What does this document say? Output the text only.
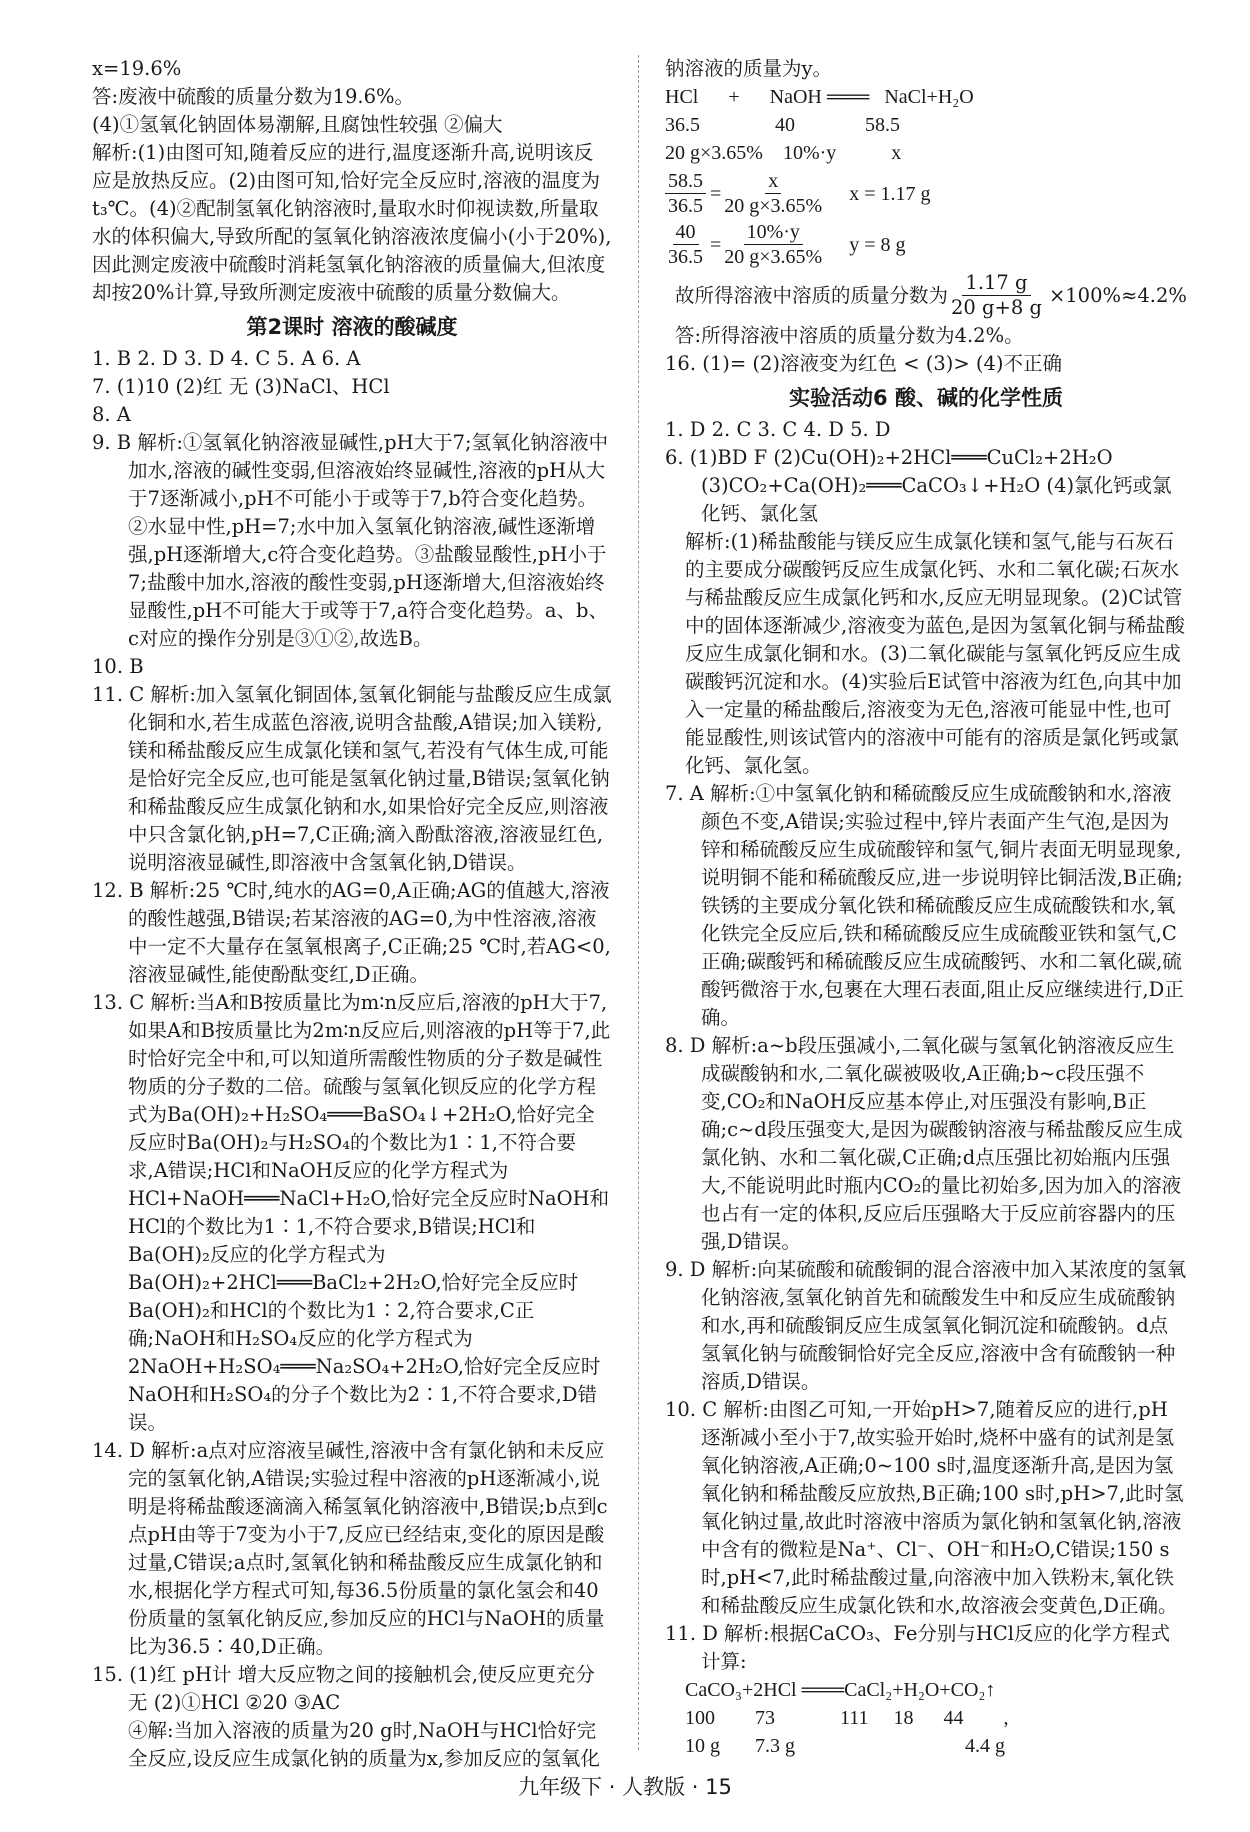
x=19.6%

答:废液中硫酸的质量分数为19.6%。

(4)①氢氧化钠固体易潮解,且腐蚀性较强 ②偏大

解析:(1)由图可知,随着反应的进行,温度逐渐升高,说明该反应是放热反应。(2)由图可知,恰好完全反应时,溶液的温度为t₃℃。(4)②配制氢氧化钠溶液时,量取水时仰视读数,所量取水的体积偏大,导致所配的氢氧化钠溶液浓度偏小(小于20%),因此测定废液中硫酸时消耗氢氧化钠溶液的质量偏大,但浓度却按20%计算,导致所测定废液中硫酸的质量分数偏大。

第2课时 溶液的酸碱度

1. B 2. D 3. D 4. C 5. A 6. A

7. (1)10 (2)红 无 (3)NaCl、HCl

8. A

9. B 解析:①氢氧化钠溶液显碱性,pH大于7;氢氧化钠溶液中加水,溶液的碱性变弱,但溶液始终显碱性,溶液的pH从大于7逐渐减小,pH不可能小于或等于7,b符合变化趋势。②水显中性,pH=7;水中加入氢氧化钠溶液,碱性逐渐增强,pH逐渐增大,c符合变化趋势。③盐酸显酸性,pH小于7;盐酸中加水,溶液的酸性变弱,pH逐渐增大,但溶液始终显酸性,pH不可能大于或等于7,a符合变化趋势。a、b、c对应的操作分别是③①②,故选B。

10. B

11. C 解析:加入氢氧化铜固体,氢氧化铜能与盐酸反应生成氯化铜和水,若生成蓝色溶液,说明含盐酸,A错误;加入镁粉,镁和稀盐酸反应生成氯化镁和氢气,若没有气体生成,可能是恰好完全反应,也可能是氢氧化钠过量,B错误;氢氧化钠和稀盐酸反应生成氯化钠和水,如果恰好完全反应,则溶液中只含氯化钠,pH=7,C正确;滴入酚酞溶液,溶液显红色,说明溶液显碱性,即溶液中含氢氧化钠,D错误。

12. B 解析:25 ℃时,纯水的AG=0,A正确;AG的值越大,溶液的酸性越强,B错误;若某溶液的AG=0,为中性溶液,溶液中一定不大量存在氢氧根离子,C正确;25 ℃时,若AG<0,溶液显碱性,能使酚酞变红,D正确。

13. C 解析:当A和B按质量比为m∶n反应后,溶液的pH大于7,如果A和B按质量比为2m∶n反应后,则溶液的pH等于7,此时恰好完全中和,可以知道所需酸性物质的分子数是碱性物质的分子数的二倍。硫酸与氢氧化钡反应的化学方程式为Ba(OH)₂+H₂SO₄═══BaSO₄↓+2H₂O,恰好完全反应时Ba(OH)₂与H₂SO₄的个数比为1∶1,不符合要求,A错误;HCl和NaOH反应的化学方程式为HCl+NaOH═══NaCl+H₂O,恰好完全反应时NaOH和HCl的个数比为1∶1,不符合要求,B错误;HCl和Ba(OH)₂反应的化学方程式为Ba(OH)₂+2HCl═══BaCl₂+2H₂O,恰好完全反应时Ba(OH)₂和HCl的个数比为1∶2,符合要求,C正确;NaOH和H₂SO₄反应的化学方程式为2NaOH+H₂SO₄═══Na₂SO₄+2H₂O,恰好完全反应时NaOH和H₂SO₄的分子个数比为2∶1,不符合要求,D错误。

14. D 解析:a点对应溶液呈碱性,溶液中含有氯化钠和未反应完的氢氧化钠,A错误;实验过程中溶液的pH逐渐减小,说明是将稀盐酸逐滴滴入稀氢氧化钠溶液中,B错误;b点到c点pH由等于7变为小于7,反应已经结束,变化的原因是酸过量,C错误;a点时,氢氧化钠和稀盐酸反应生成氯化钠和水,根据化学方程式可知,每36.5份质量的氯化氢会和40份质量的氢氧化钠反应,参加反应的HCl与NaOH的质量比为36.5∶40,D正确。

15. (1)红 pH计 增大反应物之间的接触机会,使反应更充分 无 (2)①HCl ②20 ③AC

④解:当加入溶液的质量为20 g时,NaOH与HCl恰好完全反应,设反应生成氯化钠的质量为x,参加反应的氢氧化

钠溶液的质量为y。

HCl      +      NaOH ═══   NaCl+H₂O

36.5               40              58.5

20 g×3.65%    10%·y           x

$\frac{58.5}{36.5} = \frac{x}{20 g\times 3.65\%}$ x = 1.17 g
$\frac{40}{36.5} = \frac{10\%\cdot y}{20 g\times 3.65\%}$ y = 8 g
故所得溶液中溶质的质量分数为 $\frac{1.17 g}{20 g+8 g} \times 100\%\approx 4.2\%$

答:所得溶液中溶质的质量分数为4.2%。

16. (1)= (2)溶液变为红色 < (3)> (4)不正确

实验活动6 酸、碱的化学性质

1. D 2. C 3. C 4. D 5. D

6. (1)BD F (2)Cu(OH)₂+2HCl═══CuCl₂+2H₂O (3)CO₂+Ca(OH)₂═══CaCO₃↓+H₂O (4)氯化钙或氯化钙、氯化氢

解析:(1)稀盐酸能与镁反应生成氯化镁和氢气,能与石灰石的主要成分碳酸钙反应生成氯化钙、水和二氧化碳;石灰水与稀盐酸反应生成氯化钙和水,反应无明显现象。(2)C试管中的固体逐渐减少,溶液变为蓝色,是因为氢氧化铜与稀盐酸反应生成氯化铜和水。(3)二氧化碳能与氢氧化钙反应生成碳酸钙沉淀和水。(4)实验后E试管中溶液为红色,向其中加入一定量的稀盐酸后,溶液变为无色,溶液可能显中性,也可能显酸性,则该试管内的溶液中可能有的溶质是氯化钙或氯化钙、氯化氢。

7. A 解析:①中氢氧化钠和稀硫酸反应生成硫酸钠和水,溶液颜色不变,A错误;实验过程中,锌片表面产生气泡,是因为锌和稀硫酸反应生成硫酸锌和氢气,铜片表面无明显现象,说明铜不能和稀硫酸反应,进一步说明锌比铜活泼,B正确;铁锈的主要成分氧化铁和稀硫酸反应生成硫酸铁和水,氧化铁完全反应后,铁和稀硫酸反应生成硫酸亚铁和氢气,C正确;碳酸钙和稀硫酸反应生成硫酸钙、水和二氧化碳,硫酸钙微溶于水,包裹在大理石表面,阻止反应继续进行,D正确。

8. D 解析:a~b段压强减小,二氧化碳与氢氧化钠溶液反应生成碳酸钠和水,二氧化碳被吸收,A正确;b~c段压强不变,CO₂和NaOH反应基本停止,对压强没有影响,B正确;c~d段压强变大,是因为碳酸钠溶液与稀盐酸反应生成氯化钠、水和二氧化碳,C正确;d点压强比初始瓶内压强大,不能说明此时瓶内CO₂的量比初始多,因为加入的溶液也占有一定的体积,反应后压强略大于反应前容器内的压强,D错误。

9. D 解析:向某硫酸和硫酸铜的混合溶液中加入某浓度的氢氧化钠溶液,氢氧化钠首先和硫酸发生中和反应生成硫酸钠和水,再和硫酸铜反应生成氢氧化铜沉淀和硫酸钠。d点氢氧化钠与硫酸铜恰好完全反应,溶液中含有硫酸钠一种溶质,D错误。

10. C 解析:由图乙可知,一开始pH>7,随着反应的进行,pH逐渐减小至小于7,故实验开始时,烧杯中盛有的试剂是氢氧化钠溶液,A正确;0~100 s时,温度逐渐升高,是因为氢氧化钠和稀盐酸反应放热,B正确;100 s时,pH>7,此时氢氧化钠过量,故此时溶液中溶质为氯化钠和氢氧化钠,溶液中含有的微粒是Na⁺、Cl⁻、OH⁻和H₂O,C错误;150 s时,pH<7,此时稀盐酸过量,向溶液中加入铁粉末,氧化铁和稀盐酸反应生成氯化铁和水,故溶液会变黄色,D正确。

11. D 解析:根据CaCO₃、Fe分别与HCl反应的化学方程式计算:

CaCO₃+2HCl ═══CaCl₂+H₂O+CO₂↑

100        73             111     18      44        ,

10 g       7.3 g                                  4.4 g

九年级下 · 人教版 · 15
